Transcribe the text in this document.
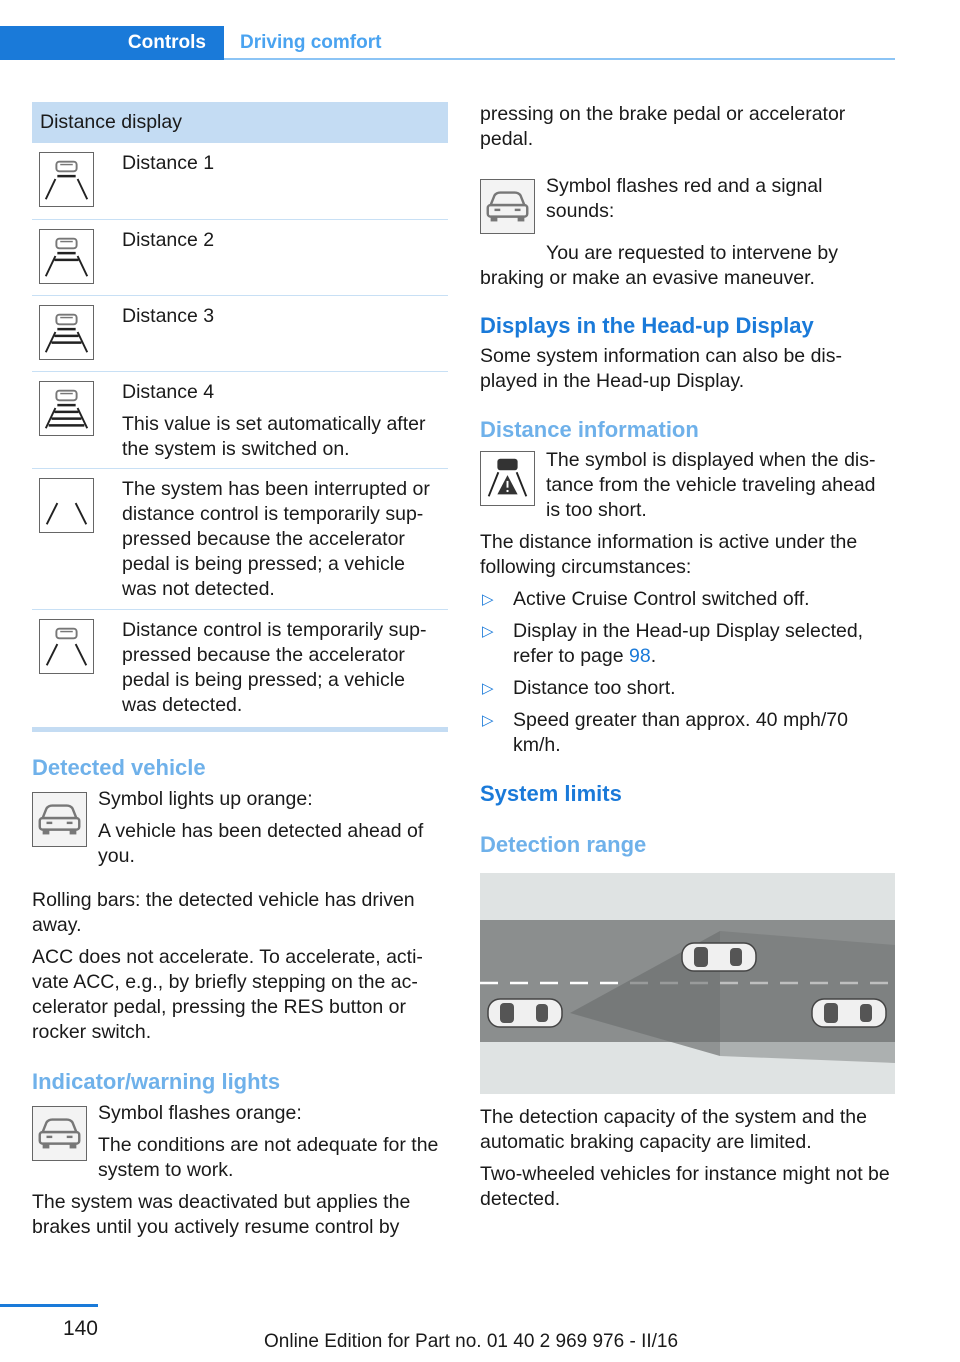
Controls	Driving comfort
Distance display

Distance 1

Distance 2

Distance 3

Distance 4

This value is set automatically after the system is switched on.

The system has been interrupted or distance control is temporarily sup‐ pressed because the accelerator pedal is being pressed; a vehicle was not detected.

Distance control is temporarily sup‐ pressed because the accelerator pedal is being pressed; a vehicle was detected.

Detected vehicle

Symbol lights up orange:

A vehicle has been detected ahead of you.

Rolling bars: the detected vehicle has driven away.

ACC does not accelerate. To accelerate, acti‐ vate ACC, e.g., by briefly stepping on the ac‐ celerator pedal, pressing the RES button or rocker switch.

Indicator/warning lights

Symbol flashes orange:

The conditions are not adequate for the system to work.

The system was deactivated but applies the brakes until you actively resume control by

pressing on the brake pedal or accelerator pedal.

Symbol flashes red and a signal sounds:

You are requested to intervene by braking or make an evasive maneuver.

Displays in the Head-up Display

Some system information can also be dis‐ played in the Head-up Display.

Distance information

The symbol is displayed when the dis‐ tance from the vehicle traveling ahead is too short.

The distance information is active under the following circumstances:

▷ Active Cruise Control switched off.
▷ Display in the Head-up Display selected, refer to page 98.
▷ Distance too short.
▷ Speed greater than approx. 40 mph/70 km/h.
System limits
Detection range

The detection capacity of the system and the automatic braking capacity are limited.

Two-wheeled vehicles for instance might not be detected.

140
Online Edition for Part no. 01 40 2 969 976 - II/16
